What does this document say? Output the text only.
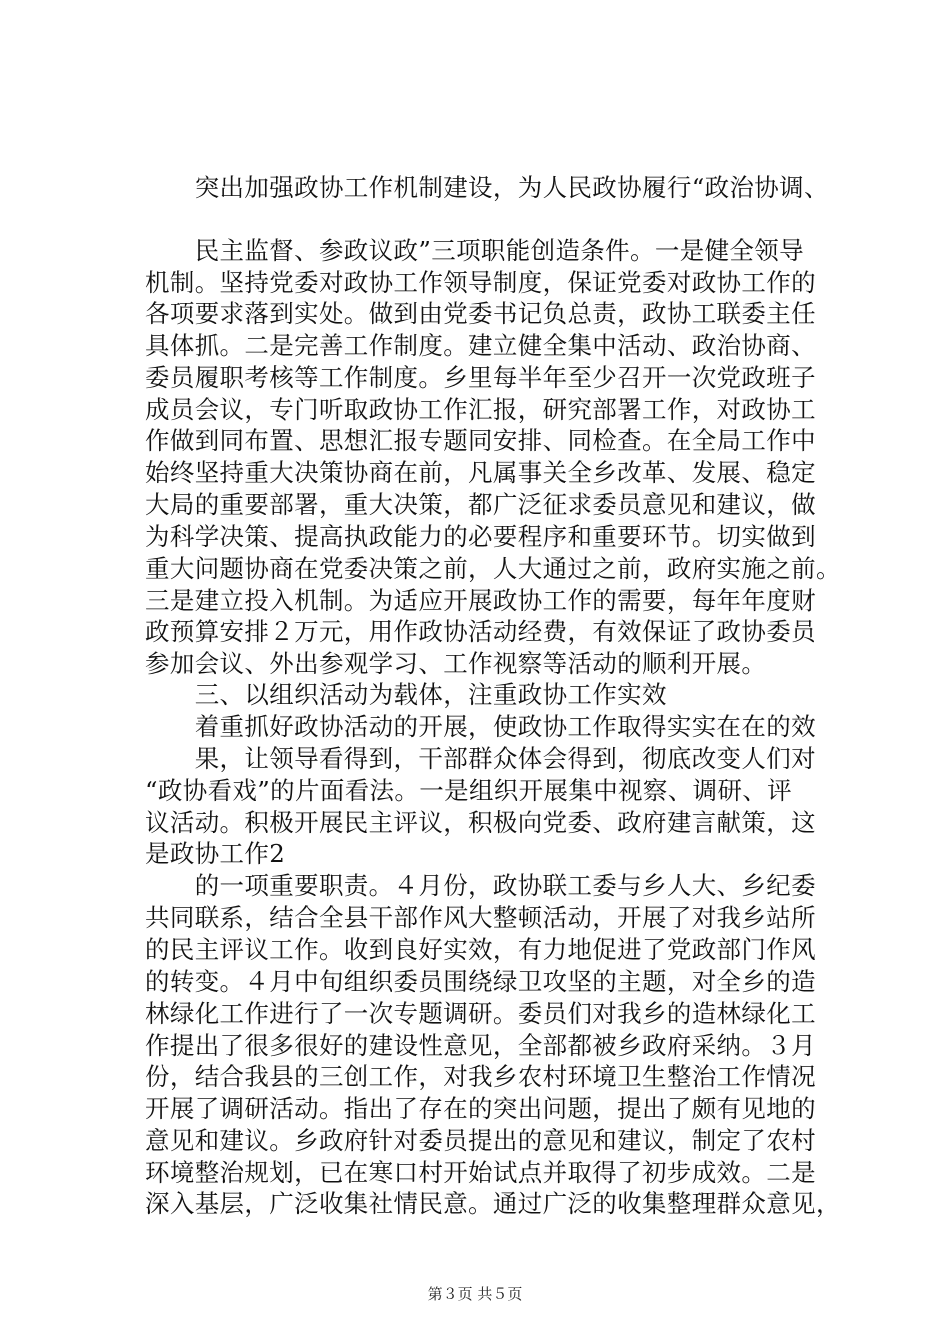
　　突出加强政协工作机制建设，为人民政协履行“政治协调、
　　民主监督、参政议政”三项职能创造条件。一是健全领导
机制。坚持党委对政协工作领导制度，保证党委对政协工作的
各项要求落到实处。做到由党委书记负总责，政协工联委主任
具体抓。二是完善工作制度。建立健全集中活动、政治协商、
委员履职考核等工作制度。乡里每半年至少召开一次党政班子
成员会议，专门听取政协工作汇报，研究部署工作，对政协工
作做到同布置、思想汇报专题同安排、同检查。在全局工作中
始终坚持重大决策协商在前，凡属事关全乡改革、发展、稳定
大局的重要部署，重大决策，都广泛征求委员意见和建议，做
为科学决策、提高执政能力的必要程序和重要环节。切实做到
重大问题协商在党委决策之前，人大通过之前，政府实施之前。
三是建立投入机制。为适应开展政协工作的需要，每年年度财
政预算安排２万元，用作政协活动经费，有效保证了政协委员
参加会议、外出参观学习、工作视察等活动的顺利开展。
　　三、以组织活动为载体，注重政协工作实效
　　着重抓好政协活动的开展，使政协工作取得实实在在的效
　　果，让领导看得到，干部群众体会得到，彻底改变人们对
“政协看戏”的片面看法。一是组织开展集中视察、调研、评
议活动。积极开展民主评议，积极向党委、政府建言献策，这
是政协工作2
　　的一项重要职责。４月份，政协联工委与乡人大、乡纪委
共同联系，结合全县干部作风大整顿活动，开展了对我乡站所
的民主评议工作。收到良好实效，有力地促进了党政部门作风
的转变。４月中旬组织委员围绕绿卫攻坚的主题，对全乡的造
林绿化工作进行了一次专题调研。委员们对我乡的造林绿化工
作提出了很多很好的建设性意见，全部都被乡政府采纳。３月
份，结合我县的三创工作，对我乡农村环境卫生整治工作情况
开展了调研活动。指出了存在的突出问题，提出了颇有见地的
意见和建议。乡政府针对委员提出的意见和建议，制定了农村
环境整治规划，已在寒口村开始试点并取得了初步成效。二是
深入基层，广泛收集社情民意。通过广泛的收集整理群众意见，
第３页 共５页
